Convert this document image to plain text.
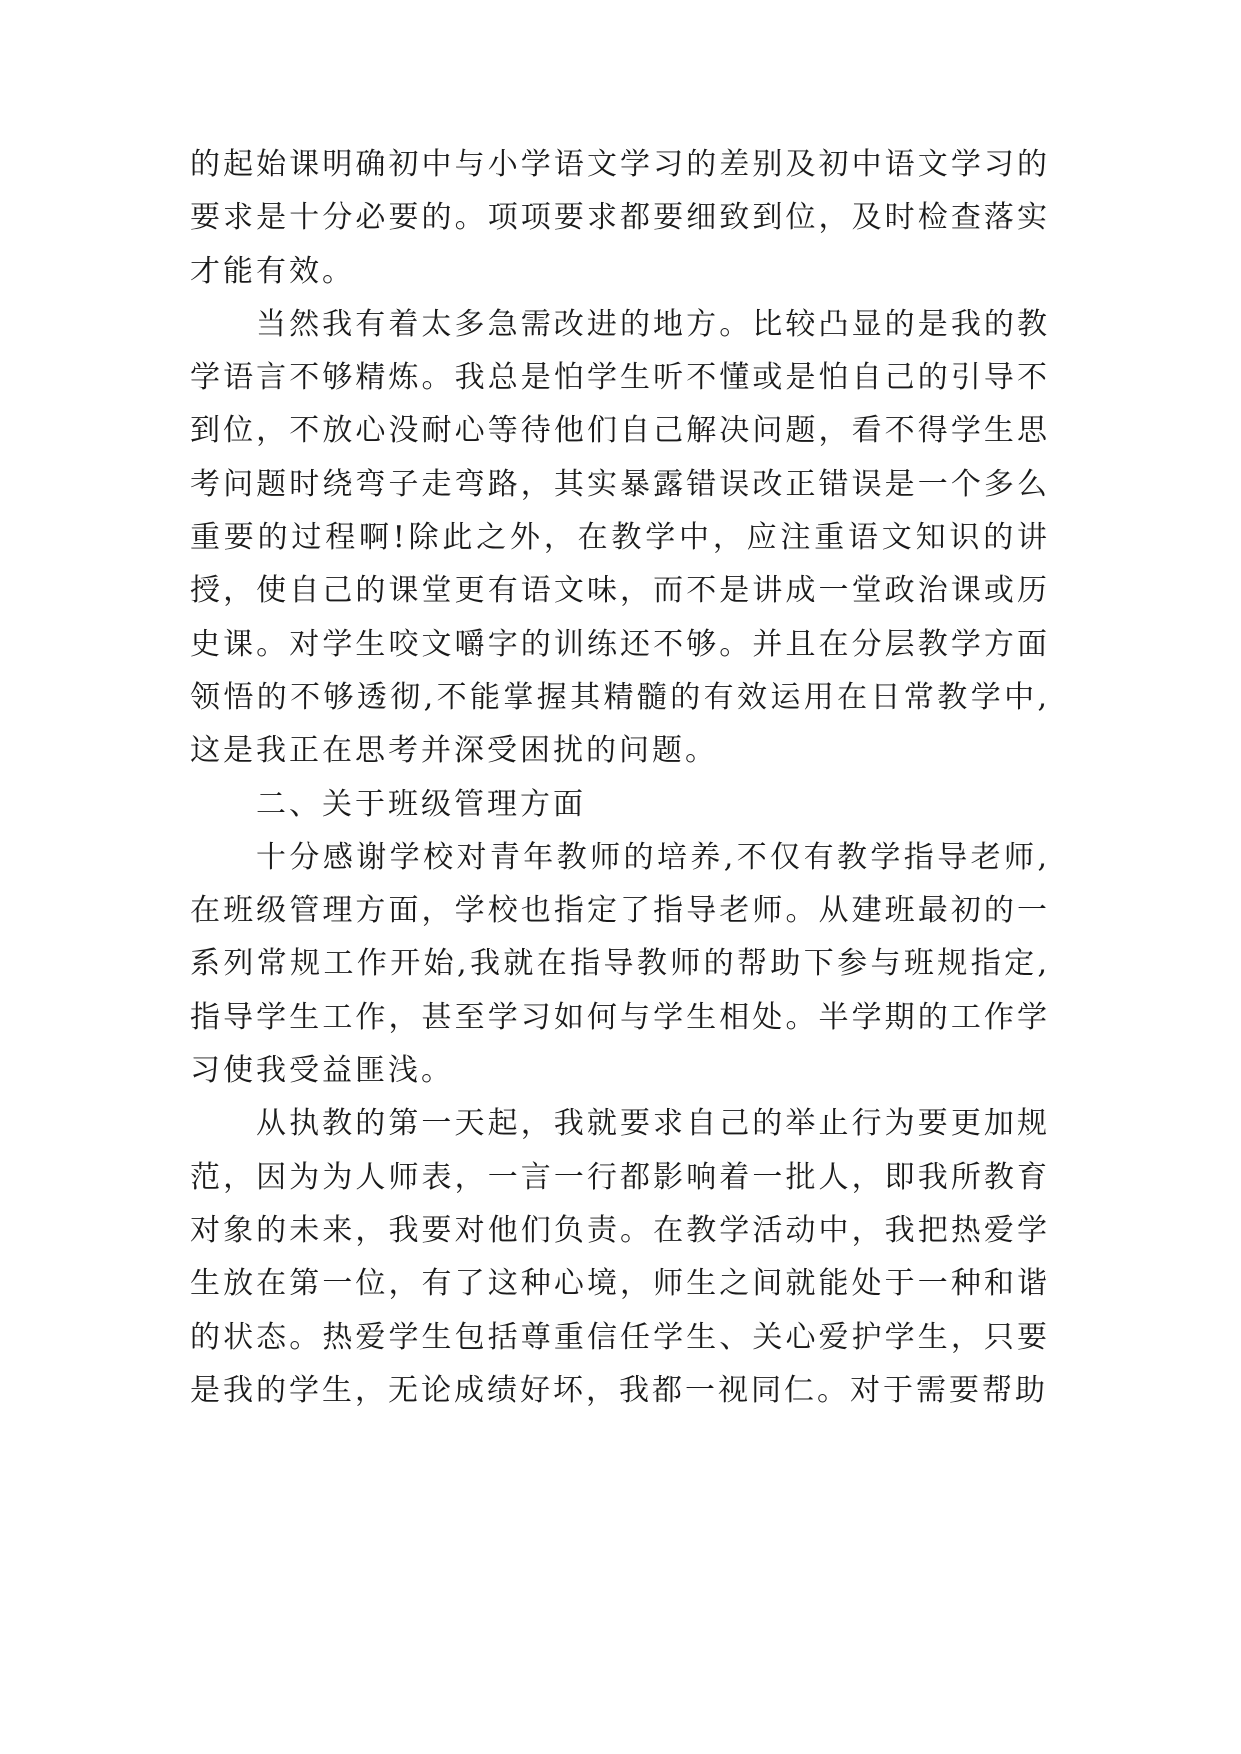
的起始课明确初中与小学语文学习的差别及初中语文学习的要求是十分必要的。项项要求都要细致到位，及时检查落实才能有效。

当然我有着太多急需改进的地方。比较凸显的是我的教学语言不够精炼。我总是怕学生听不懂或是怕自己的引导不到位，不放心没耐心等待他们自己解决问题，看不得学生思考问题时绕弯子走弯路，其实暴露错误改正错误是一个多么重要的过程啊!除此之外，在教学中，应注重语文知识的讲授，使自己的课堂更有语文味，而不是讲成一堂政治课或历史课。对学生咬文嚼字的训练还不够。并且在分层教学方面领悟的不够透彻,不能掌握其精髓的有效运用在日常教学中,这是我正在思考并深受困扰的问题。

二、关于班级管理方面

十分感谢学校对青年教师的培养,不仅有教学指导老师,在班级管理方面，学校也指定了指导老师。从建班最初的一系列常规工作开始,我就在指导教师的帮助下参与班规指定,指导学生工作，甚至学习如何与学生相处。半学期的工作学习使我受益匪浅。

从执教的第一天起，我就要求自己的举止行为要更加规范，因为为人师表，一言一行都影响着一批人，即我所教育对象的未来，我要对他们负责。在教学活动中，我把热爱学生放在第一位，有了这种心境，师生之间就能处于一种和谐的状态。热爱学生包括尊重信任学生、关心爱护学生，只要是我的学生，无论成绩好坏，我都一视同仁。对于需要帮助
